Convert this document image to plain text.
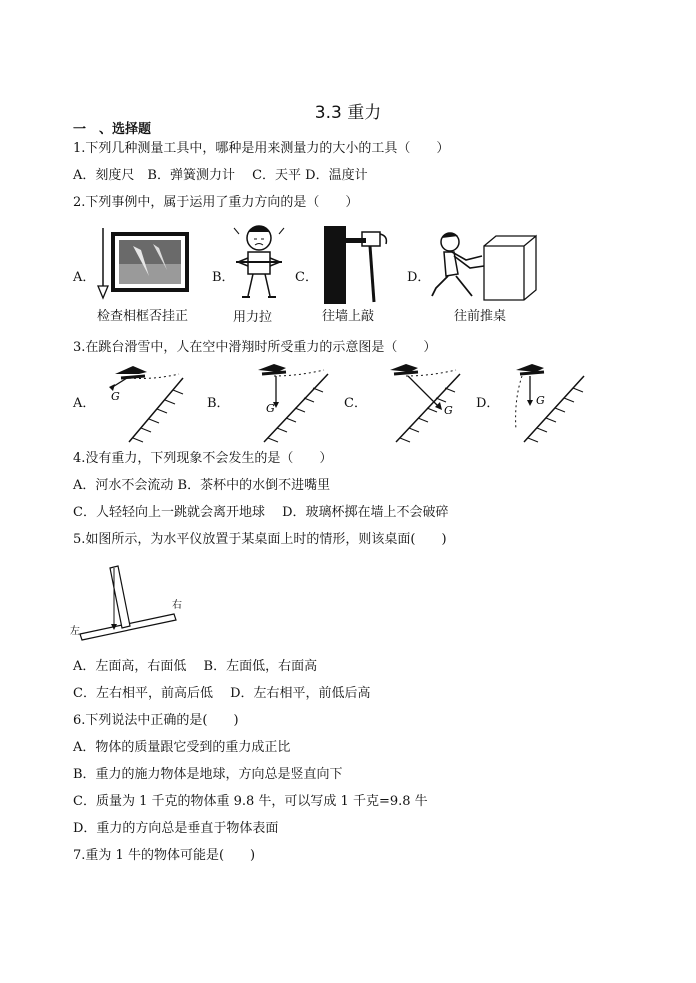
3.3 重力
一　、选择题
1.下列几种测量工具中，哪种是用来测量力的大小的工具（　　）
A．刻度尺　B．弹簧测力计　 C．天平 D．温度计
2.下列事例中，属于运用了重力方向的是（　　）
A．
检查相框否挂正
B．
用力拉
C．
往墙上敲
D．
往前推桌
3.在跳台滑雪中，人在空中滑翔时所受重力的示意图是（　　）
A． G	B．	G	C．	G D．	G
4.没有重力，下列现象不会发生的是（　　）
A．河水不会流动 B．茶杯中的水倒不进嘴里
C．人轻轻向上一跳就会离开地球　 D．玻璃杯掷在墙上不会破碎
5.如图所示，为水平仪放置于某桌面上时的情形，则该桌面(　　)
左
右
A．左面高，右面低　 B．左面低，右面高
C．左右相平，前高后低　 D．左右相平，前低后高
6.下列说法中正确的是(　　)
A．物体的质量跟它受到的重力成正比
B．重力的施力物体是地球，方向总是竖直向下
C．质量为 1 千克的物体重 9.8 牛，可以写成 1 千克=9.8 牛
D．重力的方向总是垂直于物体表面
7.重为 1 牛的物体可能是(　　)
